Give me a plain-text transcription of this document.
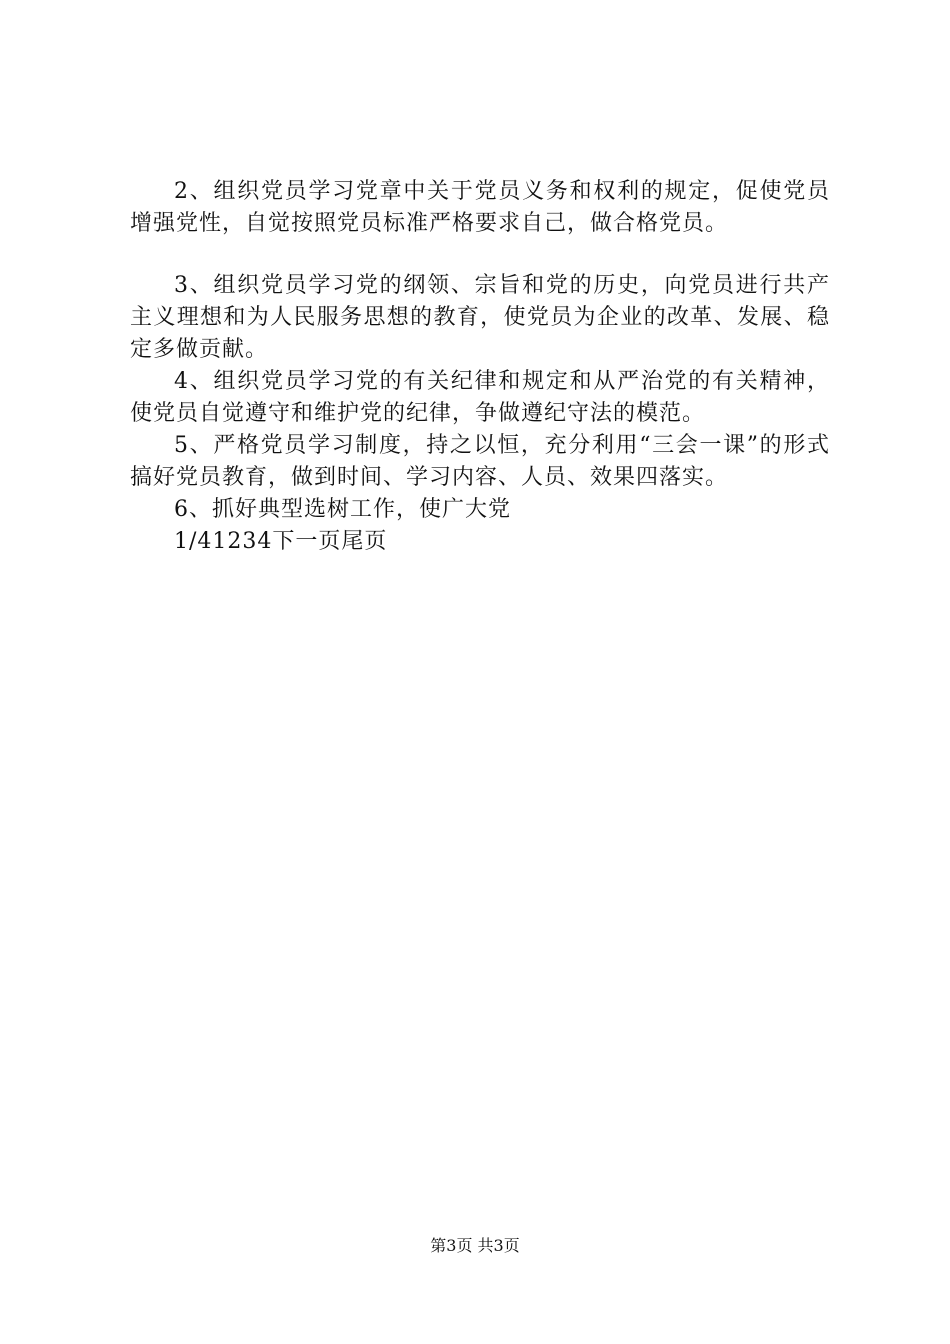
2、组织党员学习党章中关于党员义务和权利的规定，促使党员增强党性，自觉按照党员标准严格要求自己，做合格党员。

3、组织党员学习党的纲领、宗旨和党的历史，向党员进行共产主义理想和为人民服务思想的教育，使党员为企业的改革、发展、稳定多做贡献。

4、组织党员学习党的有关纪律和规定和从严治党的有关精神，使党员自觉遵守和维护党的纪律，争做遵纪守法的模范。

5、严格党员学习制度，持之以恒，充分利用“三会一课”的形式搞好党员教育，做到时间、学习内容、人员、效果四落实。

6、抓好典型选树工作，使广大党

1/41234下一页尾页

第3页 共3页
